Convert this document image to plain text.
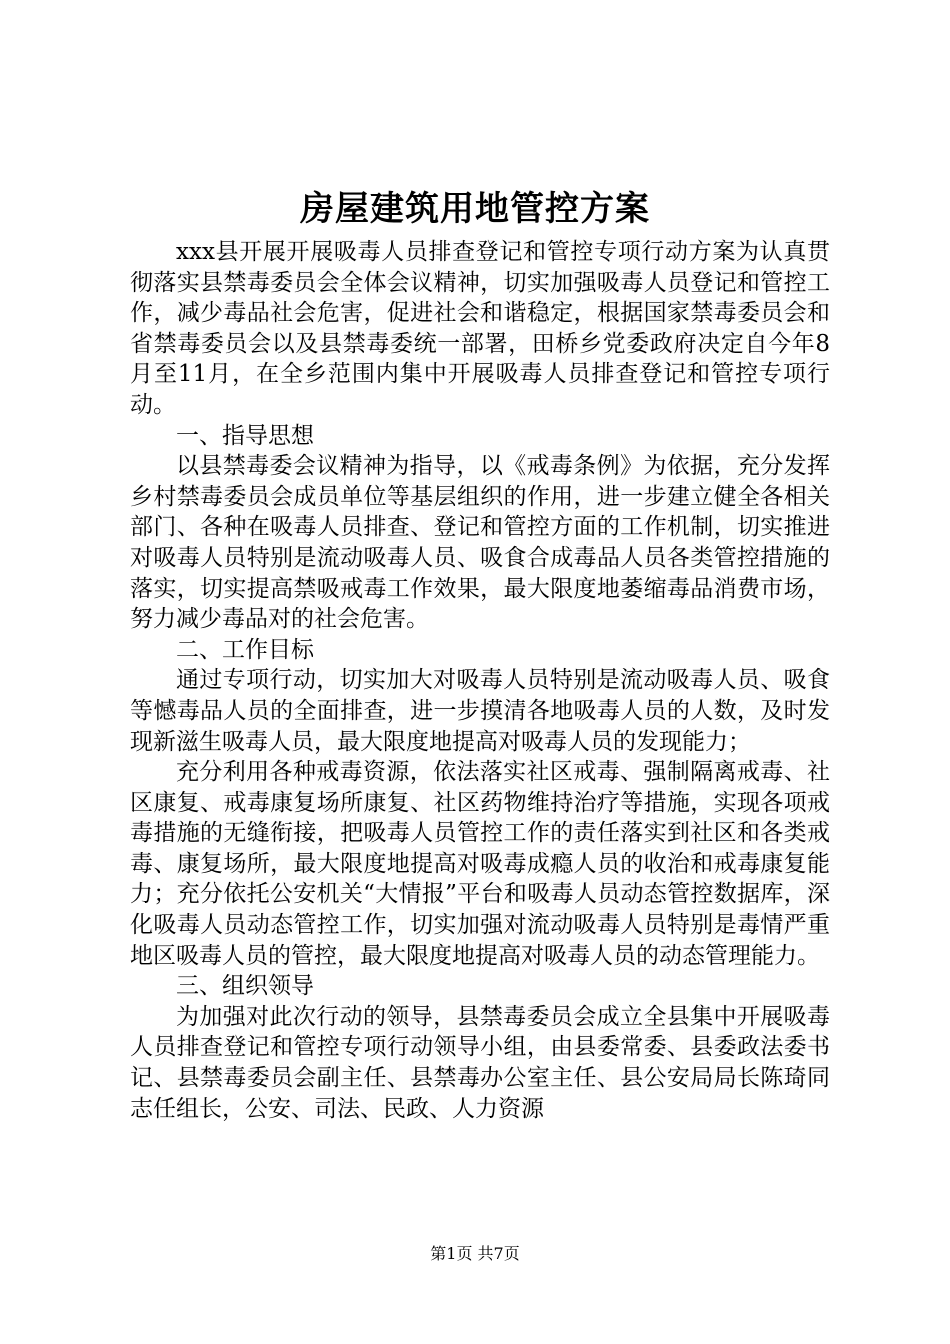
房屋建筑用地管控方案

xxx县开展开展吸毒人员排查登记和管控专项行动方案为认真贯彻落实县禁毒委员会全体会议精神，切实加强吸毒人员登记和管控工作，减少毒品社会危害，促进社会和谐稳定，根据国家禁毒委员会和省禁毒委员会以及县禁毒委统一部署，田桥乡党委政府决定自今年8月至11月，在全乡范围内集中开展吸毒人员排查登记和管控专项行动。

一、指导思想

以县禁毒委会议精神为指导，以《戒毒条例》为依据，充分发挥乡村禁毒委员会成员单位等基层组织的作用，进一步建立健全各相关部门、各种在吸毒人员排查、登记和管控方面的工作机制，切实推进对吸毒人员特别是流动吸毒人员、吸食合成毒品人员各类管控措施的落实，切实提高禁吸戒毒工作效果，最大限度地萎缩毒品消费市场，努力减少毒品对的社会危害。

二、工作目标

通过专项行动，切实加大对吸毒人员特别是流动吸毒人员、吸食等憾毒品人员的全面排查，进一步摸清各地吸毒人员的人数，及时发现新滋生吸毒人员，最大限度地提高对吸毒人员的发现能力；

充分利用各种戒毒资源，依法落实社区戒毒、强制隔离戒毒、社区康复、戒毒康复场所康复、社区药物维持治疗等措施，实现各项戒毒措施的无缝衔接，把吸毒人员管控工作的责任落实到社区和各类戒毒、康复场所，最大限度地提高对吸毒成瘾人员的收治和戒毒康复能力；充分依托公安机关“大情报”平台和吸毒人员动态管控数据库，深化吸毒人员动态管控工作，切实加强对流动吸毒人员特别是毒情严重地区吸毒人员的管控，最大限度地提高对吸毒人员的动态管理能力。

三、组织领导

为加强对此次行动的领导，县禁毒委员会成立全县集中开展吸毒人员排查登记和管控专项行动领导小组，由县委常委、县委政法委书记、县禁毒委员会副主任、县禁毒办公室主任、县公安局局长陈琦同志任组长，公安、司法、民政、人力资源

第1页 共7页
